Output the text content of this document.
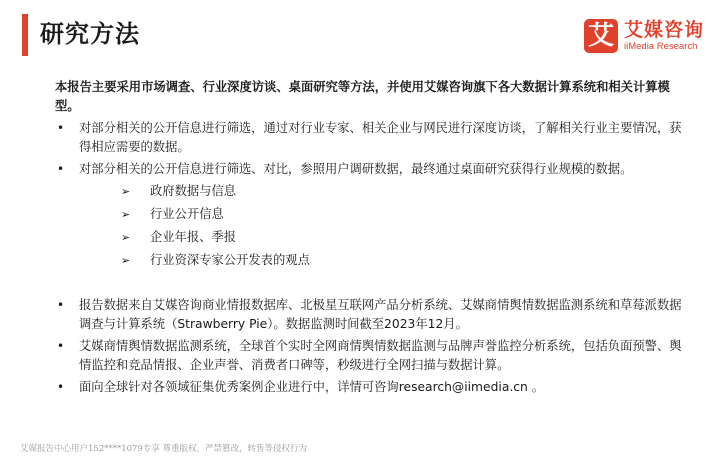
研究方法	艾 艾媒咨询
iiMedia Research

本报告主要采用市场调查、行业深度访谈、桌面研究等方法，并使用艾媒咨询旗下各大数据计算系统和相关计算模型。

• 对部分相关的公开信息进行筛选，通过对行业专家、相关企业与网民进行深度访谈，了解相关行业主要情况，获得相应需要的数据。
• 对部分相关的公开信息进行筛选、对比，参照用户调研数据，最终通过桌面研究获得行业规模的数据。
➢ 政府数据与信息
➢ 行业公开信息
➢ 企业年报、季报
➢ 行业资深专家公开发表的观点
• 报告数据来自艾媒咨询商业情报数据库、北极星互联网产品分析系统、艾媒商情舆情数据监测系统和草莓派数据调查与计算系统（Strawberry Pie）。数据监测时间截至2023年12月。
• 艾媒商情舆情数据监测系统，全球首个实时全网商情舆情数据监测与品牌声誉监控分析系统，包括负面预警、舆情监控和竞品情报、企业声誉、消费者口碑等，秒级进行全网扫描与数据计算。
• 面向全球针对各领域征集优秀案例企业进行中，详情可咨询research@iimedia.cn 。
艾媒报告中心用户152****1079专享 尊重版权，严禁篡改，转售等侵权行为
